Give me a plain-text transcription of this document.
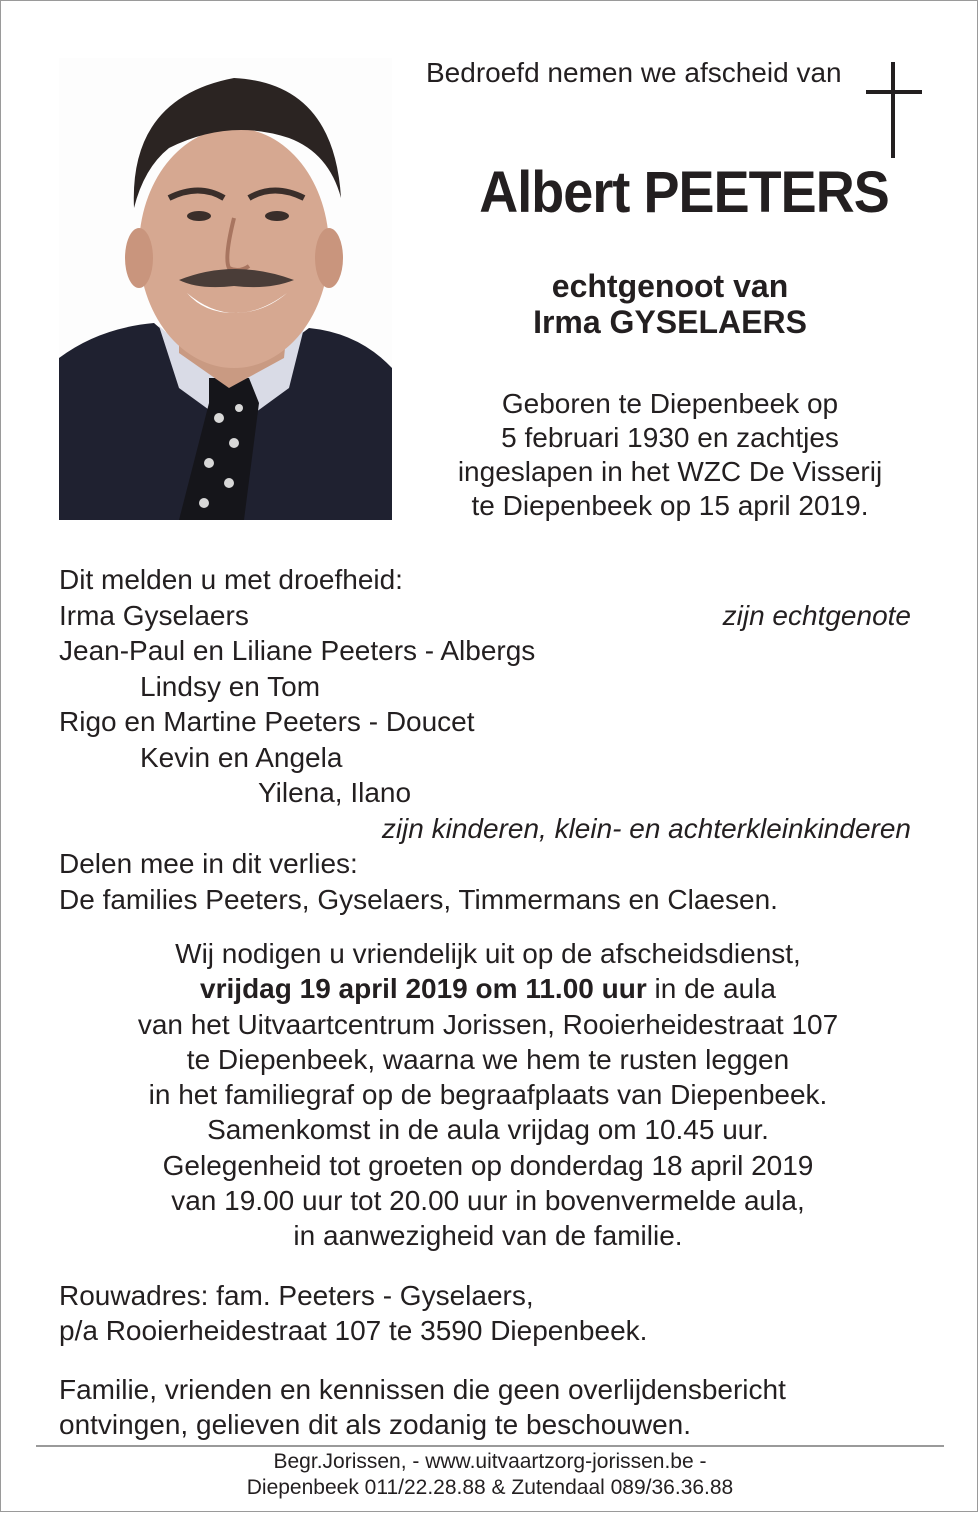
Bedroefd nemen we afscheid van
Albert PEETERS
echtgenoot van
Irma GYSELAERS
Geboren te Diepenbeek op
5 februari 1930 en zachtjes
ingeslapen in het WZC De Visserij
te Diepenbeek op 15 april 2019.
Dit melden u met droefheid:
Irma Gyselaers	zijn echtgenote
Jean-Paul en Liliane Peeters - Albergs
Lindsy en Tom
Rigo en Martine Peeters - Doucet
Kevin en Angela
Yilena, Ilano
zijn kinderen, klein- en achterkleinkinderen
Delen mee in dit verlies:
De families Peeters, Gyselaers, Timmermans en Claesen.
Wij nodigen u vriendelijk uit op de afscheidsdienst,
vrijdag 19 april 2019 om 11.00 uur in de aula
van het Uitvaartcentrum Jorissen, Rooierheidestraat 107
te Diepenbeek, waarna we hem te rusten leggen
in het familiegraf op de begraafplaats van Diepenbeek.
Samenkomst in de aula vrijdag om 10.45 uur.
Gelegenheid tot groeten op donderdag 18 april 2019
van 19.00 uur tot 20.00 uur in bovenvermelde aula,
in aanwezigheid van de familie.
Rouwadres: fam. Peeters - Gyselaers,
p/a Rooierheidestraat 107 te 3590 Diepenbeek.
Familie, vrienden en kennissen die geen overlijdensbericht
ontvingen, gelieven dit als zodanig te beschouwen.
Begr.Jorissen, - www.uitvaartzorg-jorissen.be -
Diepenbeek 011/22.28.88 & Zutendaal 089/36.36.88
